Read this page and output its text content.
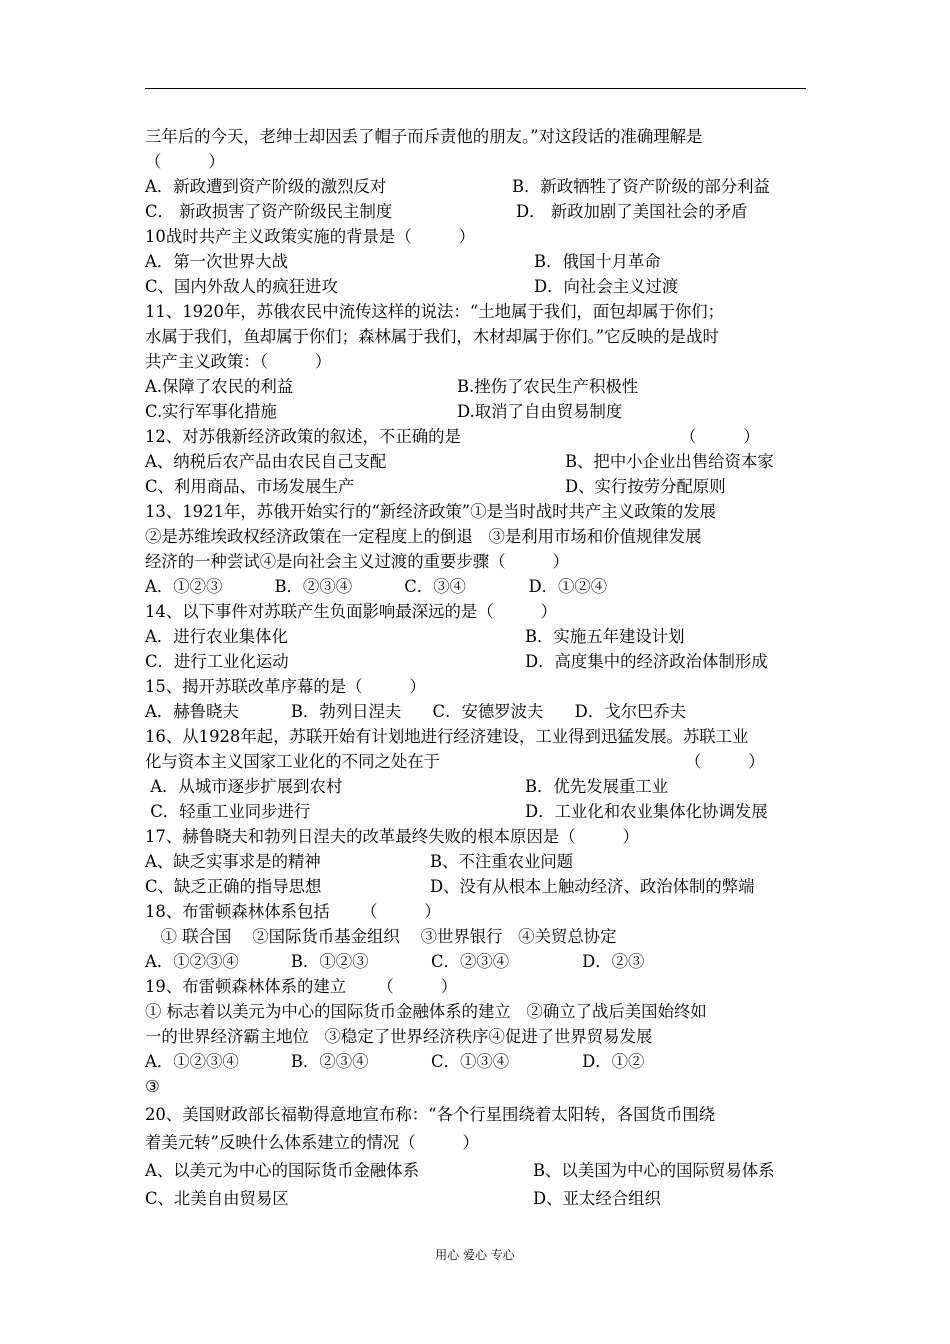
三年后的今天，老绅士却因丢了帽子而斥责他的朋友。”对这段话的准确理解是
（         ）
A．新政遭到资产阶级的激烈反对	B．新政牺牲了资产阶级的部分利益
C． 新政损害了资产阶级民主制度	D． 新政加剧了美国社会的矛盾
10战时共产主义政策实施的背景是（         ）
A．第一次世界大战	B．俄国十月革命
C、国内外敌人的疯狂进攻	D．向社会主义过渡
11、1920年，苏俄农民中流传这样的说法：“土地属于我们，面包却属于你们；
水属于我们，鱼却属于你们；森林属于我们，木材却属于你们。”它反映的是战时
共产主义政策：（         ）
A.保障了农民的利益	B.挫伤了农民生产积极性
C.实行军事化措施	D.取消了自由贸易制度
12、对苏俄新经济政策的叙述，不正确的是	（         ）
A、纳税后农产品由农民自己支配	B、把中小企业出售给资本家
C、利用商品、市场发展生产	D、实行按劳分配原则
13、1921年，苏俄开始实行的“新经济政策”①是当时战时共产主义政策的发展
②是苏维埃政权经济政策在一定程度上的倒退   ③是利用市场和价值规律发展
经济的一种尝试④是向社会主义过渡的重要步骤（         ）
A．①②③          B．②③④          C．③④            D．①②④
14、以下事件对苏联产生负面影响最深远的是（         ）
A．进行农业集体化	B．实施五年建设计划
C．进行工业化运动	D．高度集中的经济政治体制形成
15、揭开苏联改革序幕的是（         ）
A．赫鲁晓夫          B．勃列日涅夫      C．安德罗波夫      D．戈尔巴乔夫
16、从1928年起，苏联开始有计划地进行经济建设，工业得到迅猛发展。苏联工业
化与资本主义国家工业化的不同之处在于	（         ）
A．从城市逐步扩展到农村	B．优先发展重工业
C．轻重工业同步进行	D．工业化和农业集体化协调发展
17、赫鲁晓夫和勃列日涅夫的改革最终失败的根本原因是（         ）
A、缺乏实事求是的精神	B、不注重农业问题
C、缺乏正确的指导思想	D、没有从根本上触动经济、政治体制的弊端
18、布雷顿森林体系包括      （         ）
① 联合国    ②国际货币基金组织    ③世界银行   ④关贸总协定
A．①②③④          B．①②③            C．②③④              D．②③
19、布雷顿森林体系的建立      （         ）
① 标志着以美元为中心的国际货币金融体系的建立   ②确立了战后美国始终如
一的世界经济霸主地位   ③稳定了世界经济秩序④促进了世界贸易发展
A．①②③④          B．②③④            C．①③④              D．①②
③
20、美国财政部长福勒得意地宣布称：“各个行星围绕着太阳转，各国货币围绕
着美元转”反映什么体系建立的情况（         ）
A、以美元为中心的国际货币金融体系	B、以美国为中心的国际贸易体系
C、北美自由贸易区	D、亚太经合组织
用心 爱心 专心
